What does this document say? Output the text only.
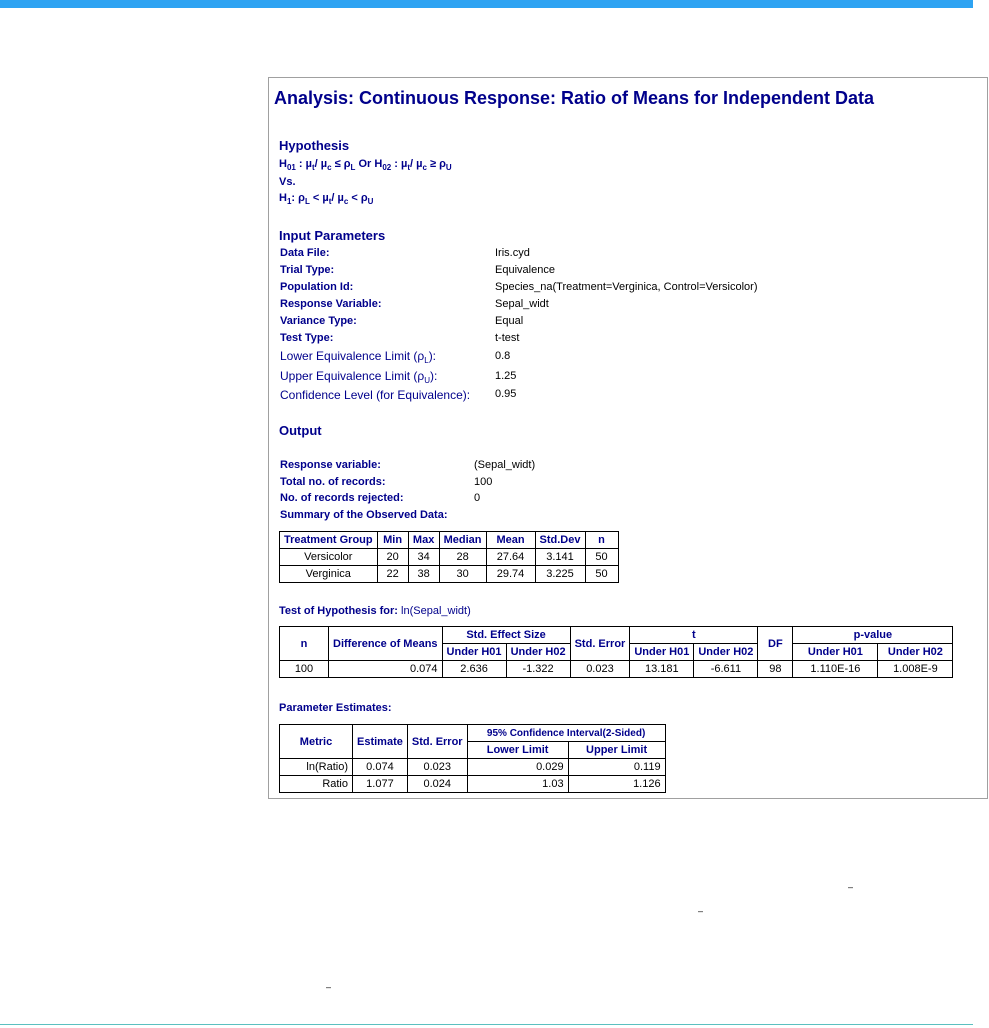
Analysis: Continuous Response: Ratio of Means for Independent Data
Hypothesis
$H_{01}$ : µ$_t$/ $\mu_c \le \rho_L$ Or $H_{02}$ : µ$_t$/ $\mu_c \ge \rho_U$
Vs.
$H_1$: $\rho_L < \mu_t/$ $\mu_c < \rho_U$
Input Parameters
Data File:	Iris.cyd
Trial Type:	Equivalence
Population Id:	Species_na(Treatment=Verginica, Control=Versicolor)
Response Variable:	Sepal_widt
Variance Type:	Equal
Test Type:	t-test
Lower Equivalence Limit $(\rho_L)$:	0.8
Upper Equivalence Limit $(\rho_U)$:	1.25
Confidence Level (for Equivalence): 0.95
Output
Response variable:	(Sepal_widt)
Total no. of records:	100
No. of records rejected:	0
Summary of the Observed Data:
Treatment Group	Min	Max	Median	Mean	Std.Dev	n
Versicolor	20	34	28	27.64	3.141	50
Verginica	22	38	30	29.74	3.225	50
Test of Hypothesis for: ln(Sepal_widt)
n	Difference of Means	Std. Effect Size		Std. Error	t		DF	p-value	
		Under H01	Under H02		Under H01	Under H02		Under H01	Under H02
100	0.074	2.636	-1.322	0.023	13.181	-6.611	98	1.110E-16	1.008E-9
Parameter Estimates:
Metric	Estimate	Std. Error	95% Confidence Interval(2-Sided)	
			Lower Limit	Upper Limit
ln(Ratio)	0.074	0.023	0.029	0.119
Ratio	1.077	0.024	1.03	1.126
–
–
–
